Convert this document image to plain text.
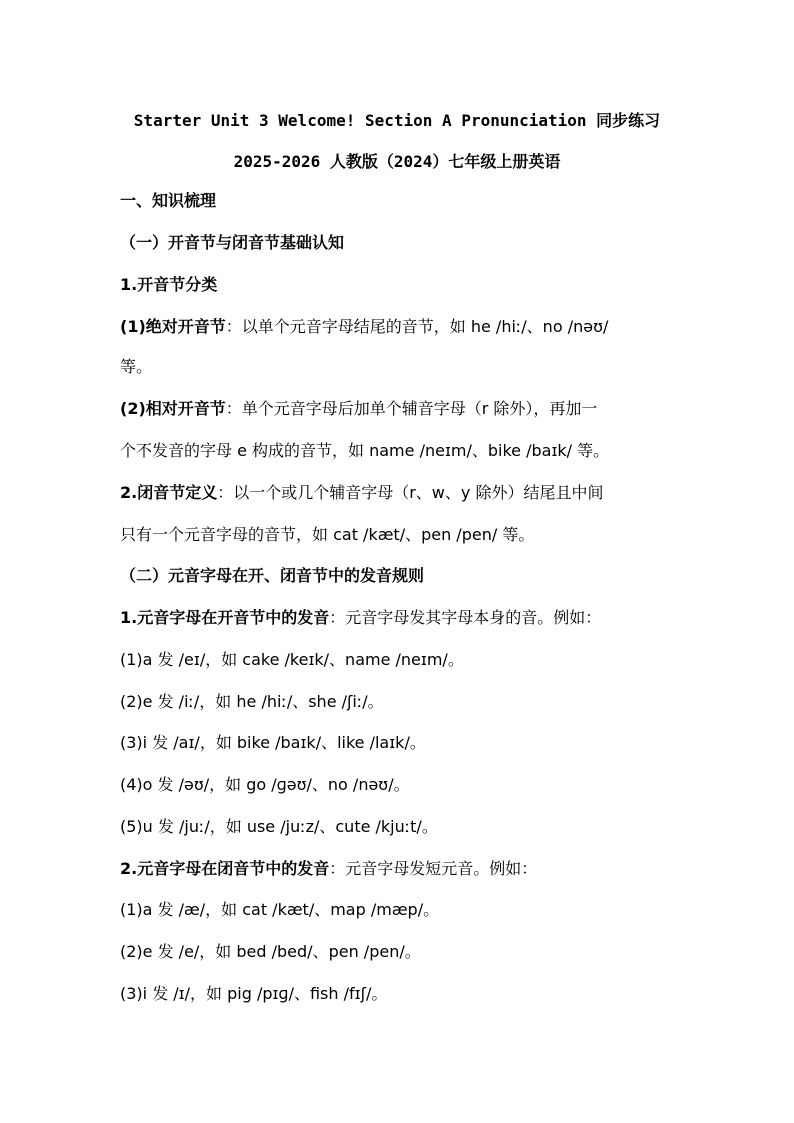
Starter Unit 3 Welcome! Section A Pronunciation 同步练习
2025-2026 人教版（2024）七年级上册英语
一、知识梳理
（一）开音节与闭音节基础认知
1.开音节分类
(1)绝对开音节：以单个元音字母结尾的音节，如 he /hiː/、no /nəʊ/
等。
(2)相对开音节：单个元音字母后加单个辅音字母（r 除外），再加一
个不发音的字母 e 构成的音节，如 name /neɪm/、bike /baɪk/ 等。
2.闭音节定义：以一个或几个辅音字母（r、w、y 除外）结尾且中间
只有一个元音字母的音节，如 cat /kæt/、pen /pen/ 等。
（二）元音字母在开、闭音节中的发音规则
1.元音字母在开音节中的发音：元音字母发其字母本身的音。例如：
(1)a 发 /eɪ/，如 cake /keɪk/、name /neɪm/。
(2)e 发 /iː/，如 he /hiː/、she /ʃiː/。
(3)i 发 /aɪ/，如 bike /baɪk/、like /laɪk/。
(4)o 发 /əʊ/，如 go /ɡəʊ/、no /nəʊ/。
(5)u 发 /juː/，如 use /juːz/、cute /kjuːt/。
2.元音字母在闭音节中的发音：元音字母发短元音。例如：
(1)a 发 /æ/，如 cat /kæt/、map /mæp/。
(2)e 发 /e/，如 bed /bed/、pen /pen/。
(3)i 发 /ɪ/，如 pig /pɪɡ/、fish /fɪʃ/。
